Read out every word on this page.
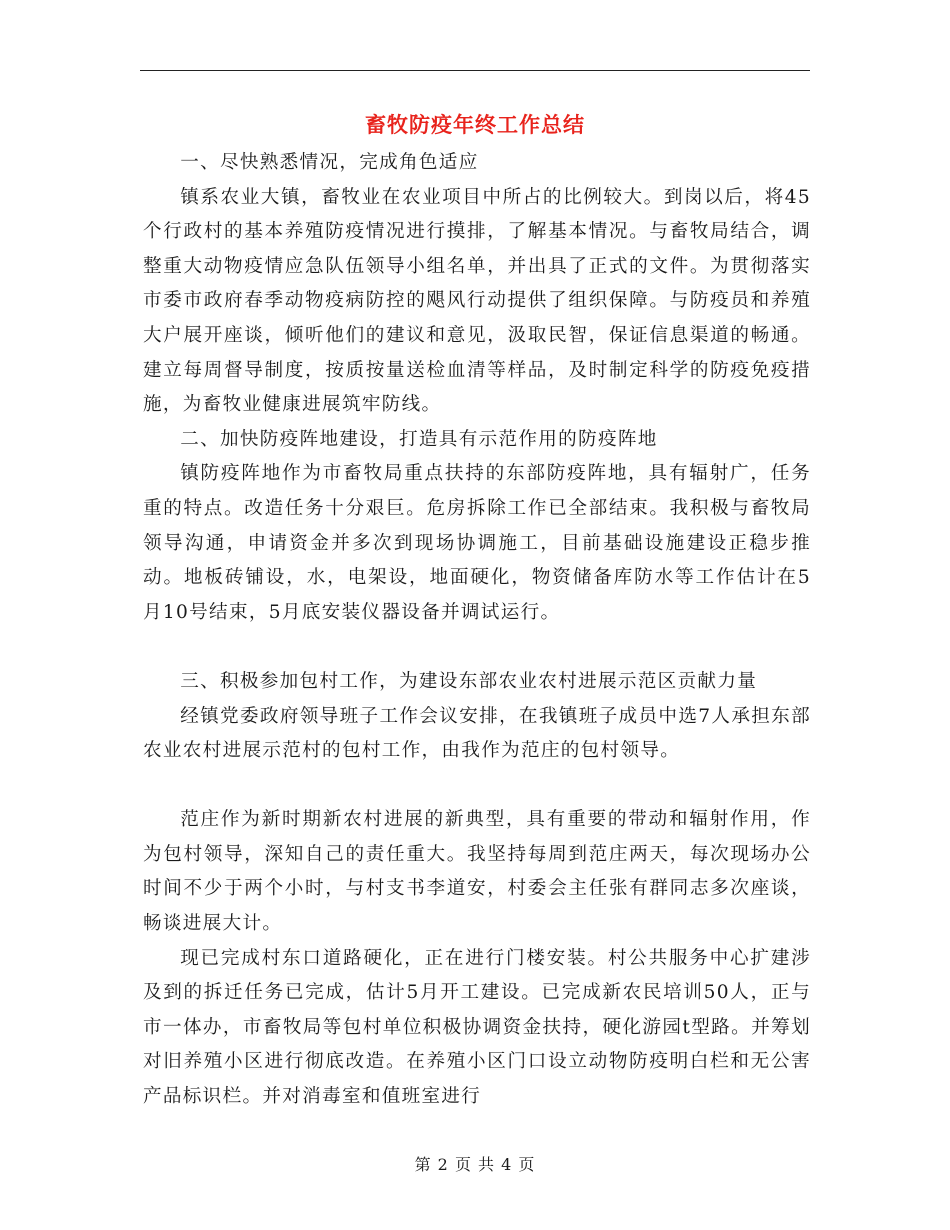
畜牧防疫年终工作总结

一、尽快熟悉情况，完成角色适应

镇系农业大镇，畜牧业在农业项目中所占的比例较大。到岗以后，将45个行政村的基本养殖防疫情况进行摸排，了解基本情况。与畜牧局结合，调整重大动物疫情应急队伍领导小组名单，并出具了正式的文件。为贯彻落实市委市政府春季动物疫病防控的飓风行动提供了组织保障。与防疫员和养殖大户展开座谈，倾听他们的建议和意见，汲取民智，保证信息渠道的畅通。建立每周督导制度，按质按量送检血清等样品，及时制定科学的防疫免疫措施，为畜牧业健康进展筑牢防线。

二、加快防疫阵地建设，打造具有示范作用的防疫阵地

镇防疫阵地作为市畜牧局重点扶持的东部防疫阵地，具有辐射广，任务重的特点。改造任务十分艰巨。危房拆除工作已全部结束。我积极与畜牧局领导沟通，申请资金并多次到现场协调施工，目前基础设施建设正稳步推动。地板砖铺设，水，电架设，地面硬化，物资储备库防水等工作估计在5月10号结束，5月底安装仪器设备并调试运行。

三、积极参加包村工作，为建设东部农业农村进展示范区贡献力量

经镇党委政府领导班子工作会议安排，在我镇班子成员中选7人承担东部农业农村进展示范村的包村工作，由我作为范庄的包村领导。

范庄作为新时期新农村进展的新典型，具有重要的带动和辐射作用，作为包村领导，深知自己的责任重大。我坚持每周到范庄两天，每次现场办公时间不少于两个小时，与村支书李道安，村委会主任张有群同志多次座谈，畅谈进展大计。

现已完成村东口道路硬化，正在进行门楼安装。村公共服务中心扩建涉及到的拆迁任务已完成，估计5月开工建设。已完成新农民培训50人，正与市一体办，市畜牧局等包村单位积极协调资金扶持，硬化游园t型路。并筹划对旧养殖小区进行彻底改造。在养殖小区门口设立动物防疫明白栏和无公害产品标识栏。并对消毒室和值班室进行

第 2 页 共 4 页
